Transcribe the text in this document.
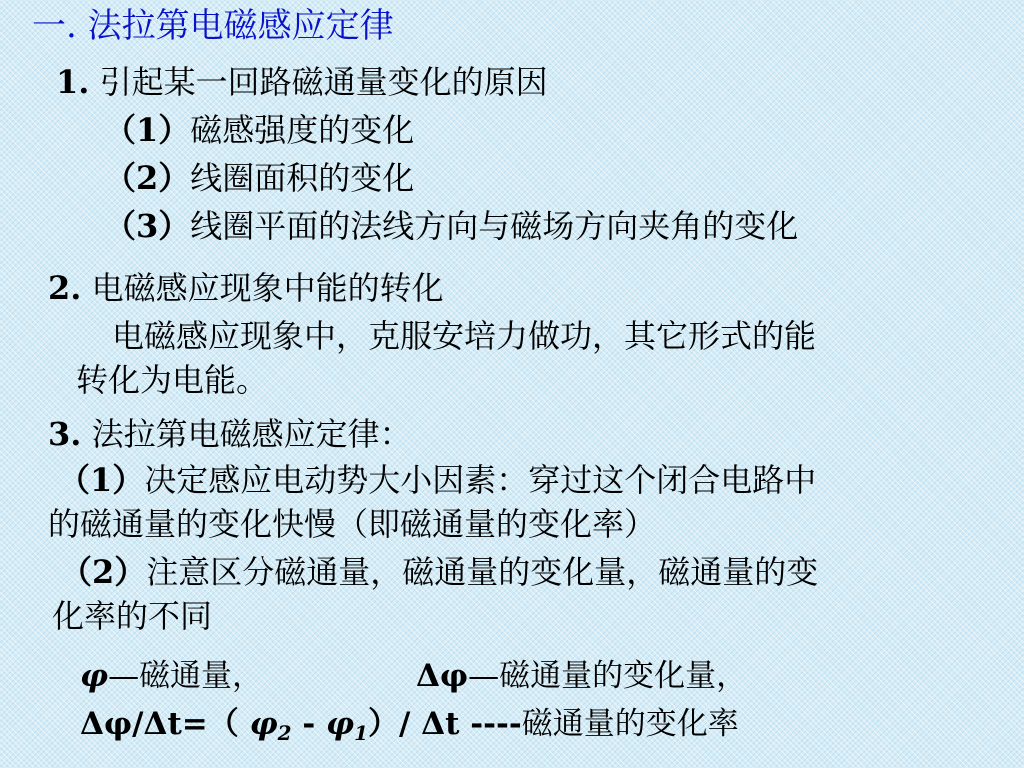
一. 法拉第电磁感应定律
1. 引起某一回路磁通量变化的原因
（1）磁感强度的变化
（2）线圈面积的变化
（3）线圈平面的法线方向与磁场方向夹角的变化
2. 电磁感应现象中能的转化
电磁感应现象中，克服安培力做功，其它形式的能
转化为电能。
3. 法拉第电磁感应定律：
（1）决定感应电动势大小因素：穿过这个闭合电路中
的磁通量的变化快慢（即磁通量的变化率）
（2）注意区分磁通量，磁通量的变化量，磁通量的变
化率的不同
φ—磁通量，	Δφ—磁通量的变化量，
Δφ/Δt=（ $\varphi_2 - \varphi_1)/$ Δt ----磁通量的变化率
